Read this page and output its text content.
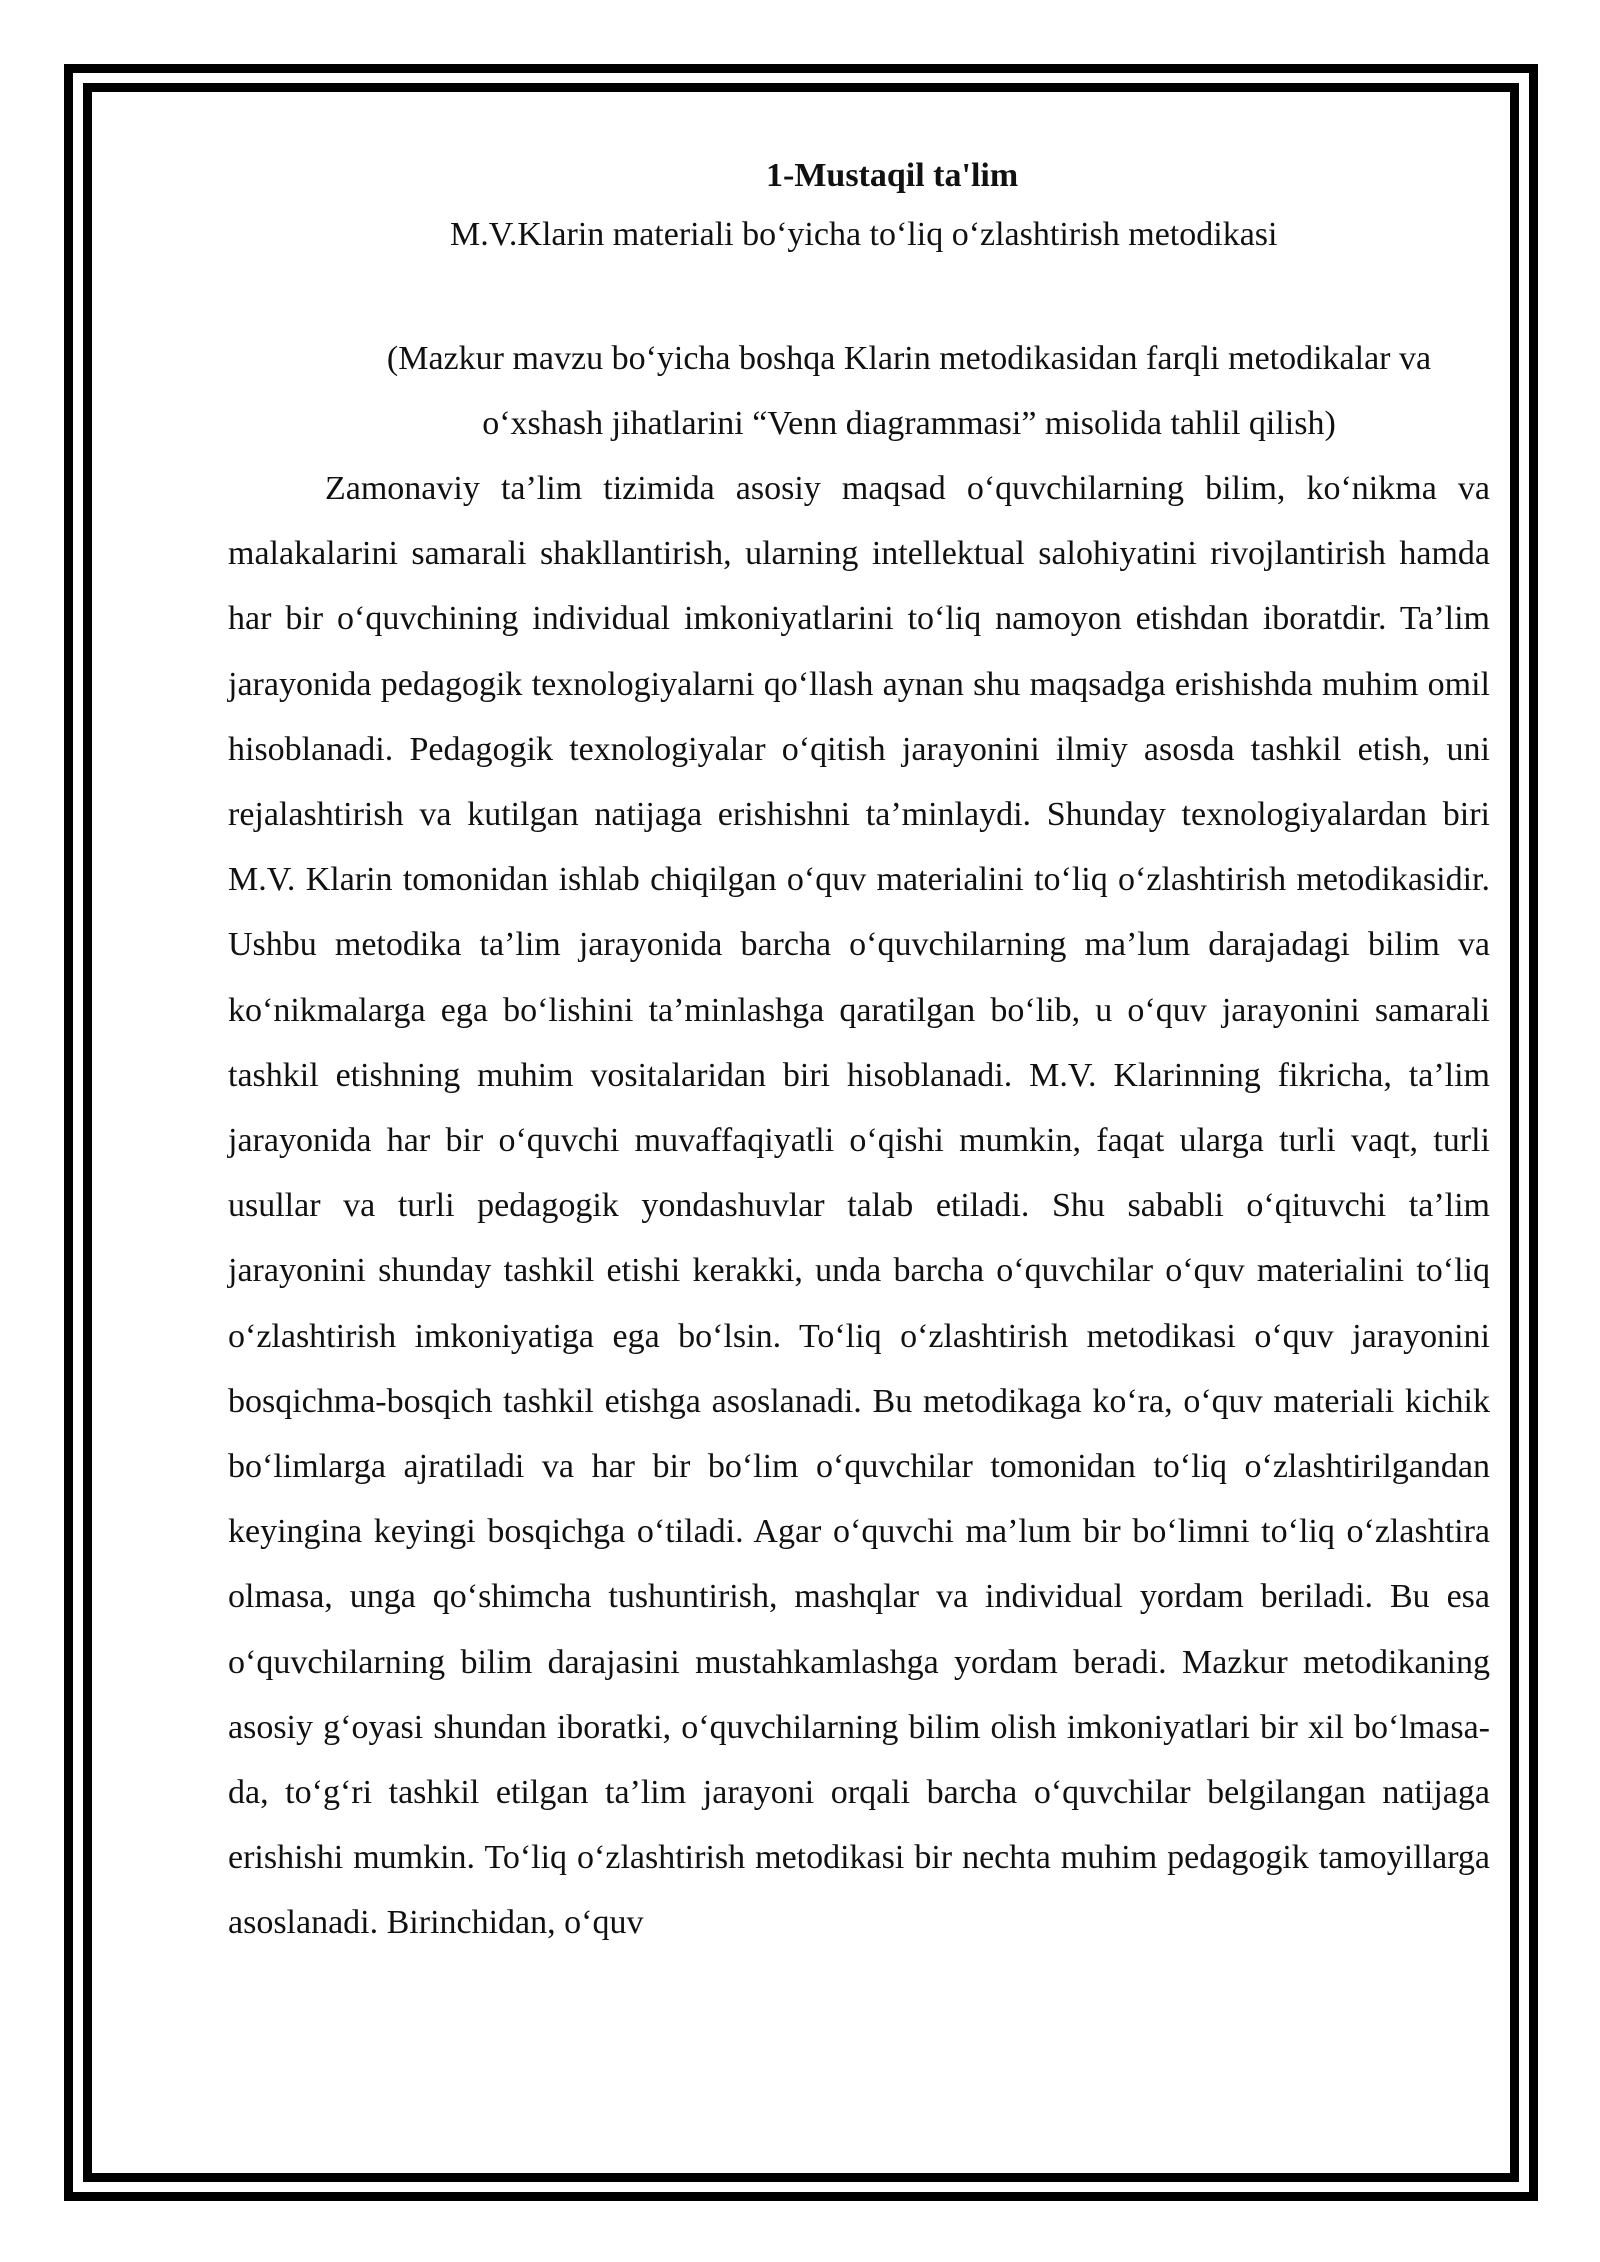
1-Mustaqil ta'lim
M.V.Klarin materiali bo‘yicha to‘liq o‘zlashtirish metodikasi
(Mazkur mavzu bo‘yicha boshqa Klarin metodikasidan farqli metodikalar va o‘xshash jihatlarini “Venn diagrammasi” misolida tahlil qilish)

Zamonaviy ta’lim tizimida asosiy maqsad o‘quvchilarning bilim, ko‘nikma va malakalarini samarali shakllantirish, ularning intellektual salohiyatini rivojlantirish hamda har bir o‘quvchining individual imkoniyatlarini to‘liq namoyon etishdan iboratdir. Ta’lim jarayonida pedagogik texnologiyalarni qo‘llash aynan shu maqsadga erishishda muhim omil hisoblanadi. Pedagogik texnologiyalar o‘qitish jarayonini ilmiy asosda tashkil etish, uni rejalashtirish va kutilgan natijaga erishishni ta’minlaydi. Shunday texnologiyalardan biri M.V. Klarin tomonidan ishlab chiqilgan o‘quv materialini to‘liq o‘zlashtirish metodikasidir. Ushbu metodika ta’lim jarayonida barcha o‘quvchilarning ma’lum darajadagi bilim va ko‘nikmalarga ega bo‘lishini ta’minlashga qaratilgan bo‘lib, u o‘quv jarayonini samarali tashkil etishning muhim vositalaridan biri hisoblanadi. M.V. Klarinning fikricha, ta’lim jarayonida har bir o‘quvchi muvaffaqiyatli o‘qishi mumkin, faqat ularga turli vaqt, turli usullar va turli pedagogik yondashuvlar talab etiladi. Shu sababli o‘qituvchi ta’lim jarayonini shunday tashkil etishi kerakki, unda barcha o‘quvchilar o‘quv materialini to‘liq o‘zlashtirish imkoniyatiga ega bo‘lsin. To‘liq o‘zlashtirish metodikasi o‘quv jarayonini bosqichma-bosqich tashkil etishga asoslanadi. Bu metodikaga ko‘ra, o‘quv materiali kichik bo‘limlarga ajratiladi va har bir bo‘lim o‘quvchilar tomonidan to‘liq o‘zlashtirilgandan keyingina keyingi bosqichga o‘tiladi. Agar o‘quvchi ma’lum bir bo‘limni to‘liq o‘zlashtira olmasa, unga qo‘shimcha tushuntirish, mashqlar va individual yordam beriladi. Bu esa o‘quvchilarning bilim darajasini mustahkamlashga yordam beradi. Mazkur metodikaning asosiy g‘oyasi shundan iboratki, o‘quvchilarning bilim olish imkoniyatlari bir xil bo‘lmasa-da, to‘g‘ri tashkil etilgan ta’lim jarayoni orqali barcha o‘quvchilar belgilangan natijaga erishishi mumkin. To‘liq o‘zlashtirish metodikasi bir nechta muhim pedagogik tamoyillarga asoslanadi. Birinchidan, o‘quv
